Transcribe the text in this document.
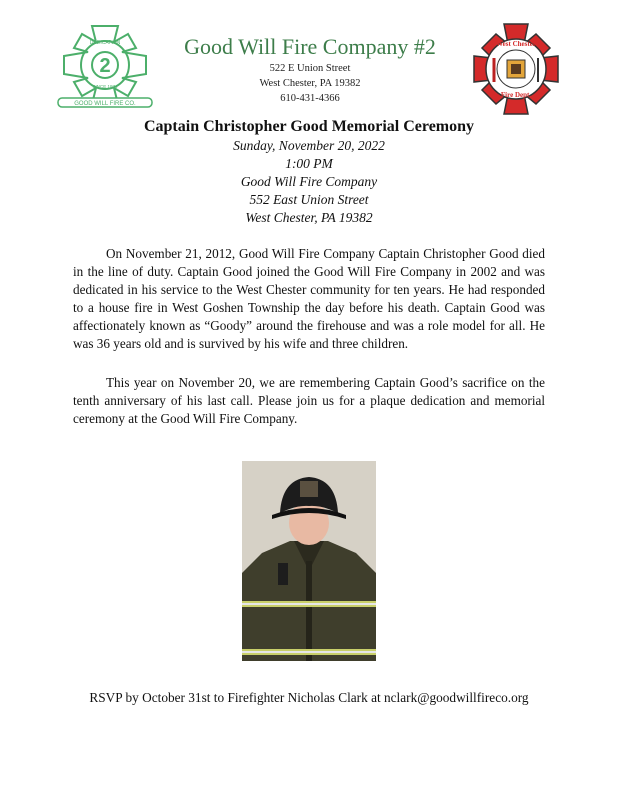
DEDICATION
2
SINCE 1874
GOOD WILL FIRE CO.
Good Will Fire Company #2
522 E Union Street
West Chester, PA 19382
610-431-4366
West Chester
Fire Dept.
Captain Christopher Good Memorial Ceremony
Sunday, November 20, 2022
1:00 PM
Good Will Fire Company
552 East Union Street
West Chester, PA 19382

On November 21, 2012, Good Will Fire Company Captain Christopher Good died in the line of duty. Captain Good joined the Good Will Fire Company in 2002 and was dedicated in his service to the West Chester community for ten years. He had responded to a house fire in West Goshen Township the day before his death. Captain Good was affectionately known as “Goody” around the firehouse and was a role model for all. He was 36 years old and is survived by his wife and three children.

This year on November 20, we are remembering Captain Good’s sacrifice on the tenth anniversary of his last call. Please join us for a plaque dedication and memorial ceremony at the Good Will Fire Company.

RSVP by October 31st to Firefighter Nicholas Clark at nclark@goodwillfireco.org
